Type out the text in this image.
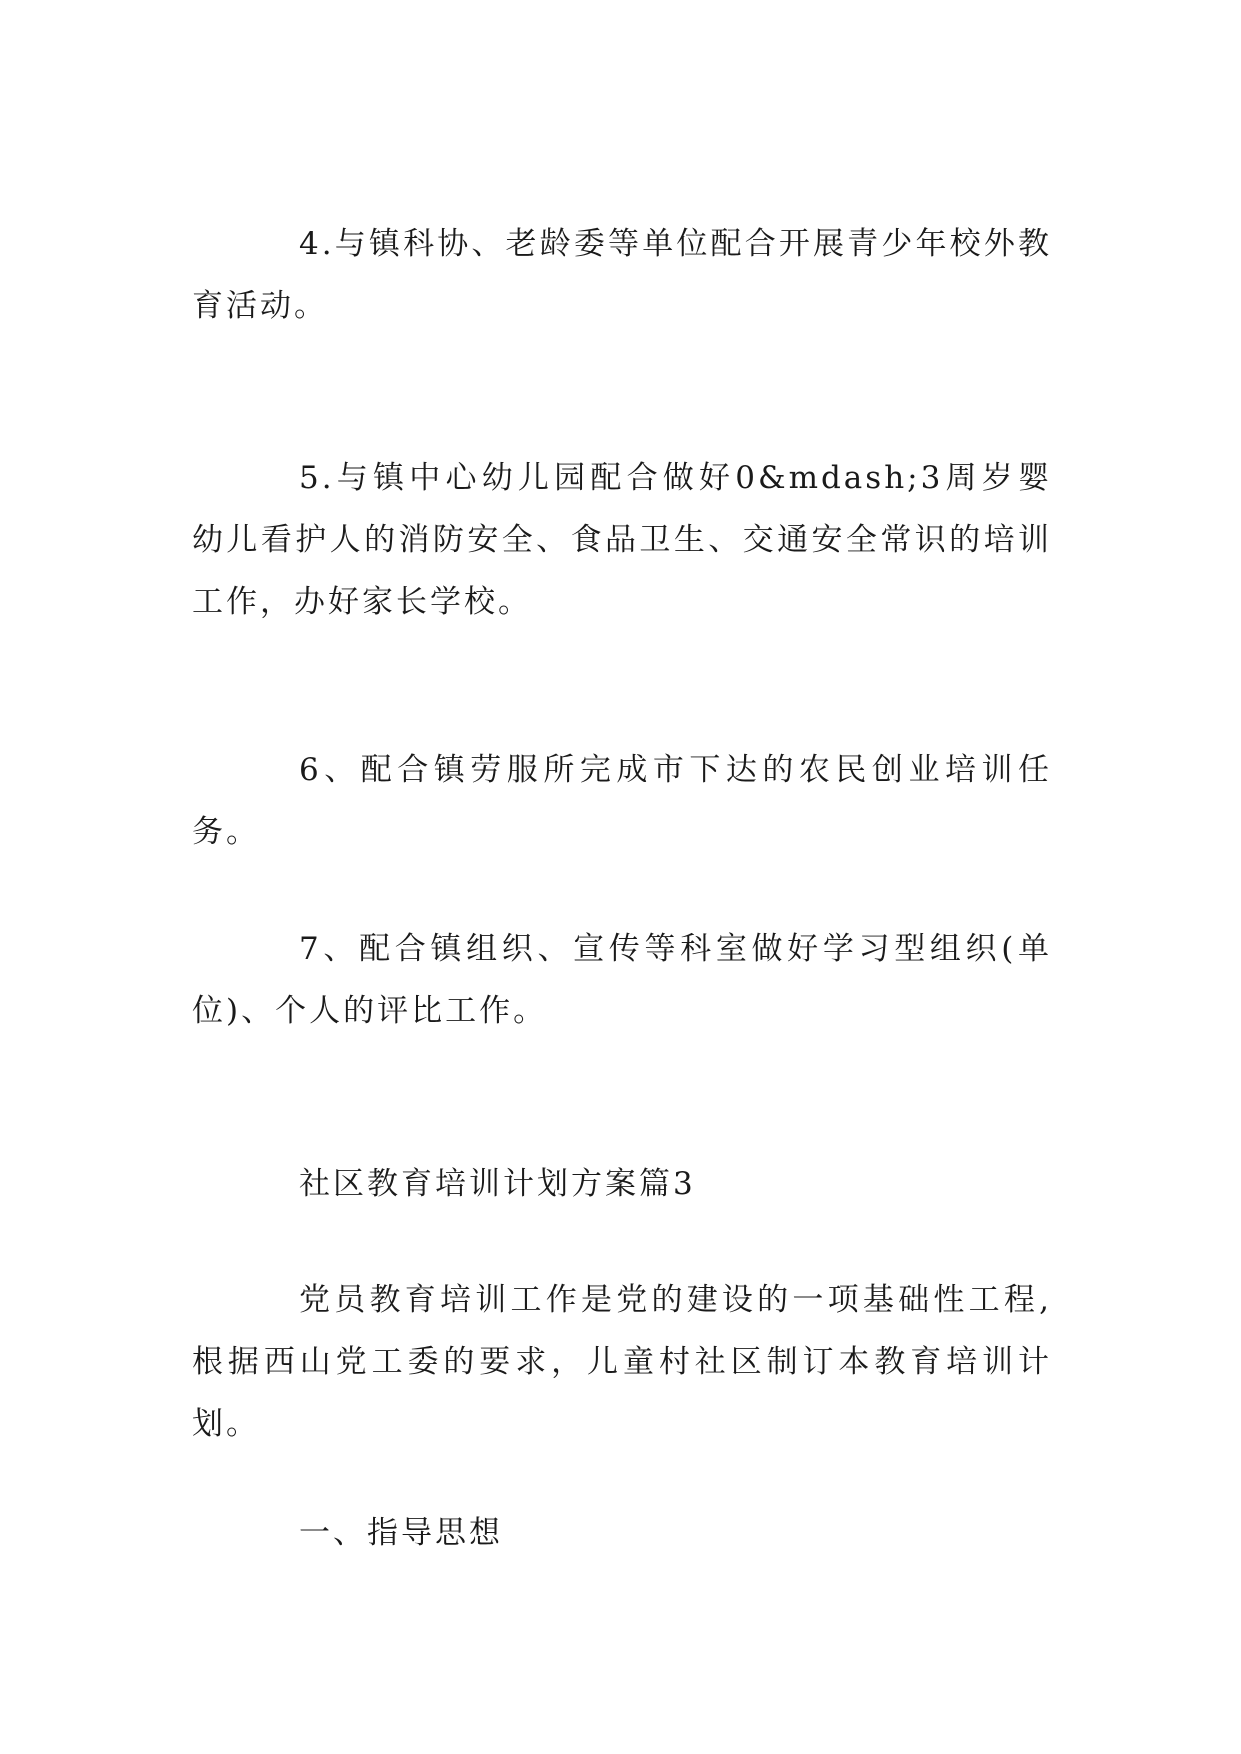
4.与镇科协、老龄委等单位配合开展青少年校外教育活动。

5.与镇中心幼儿园配合做好0&mdash;3周岁婴幼儿看护人的消防安全、食品卫生、交通安全常识的培训工作，办好家长学校。

6、配合镇劳服所完成市下达的农民创业培训任务。

7、配合镇组织、宣传等科室做好学习型组织(单位)、个人的评比工作。

社区教育培训计划方案篇3

党员教育培训工作是党的建设的一项基础性工程,根据西山党工委的要求，儿童村社区制订本教育培训计划。

一、指导思想
